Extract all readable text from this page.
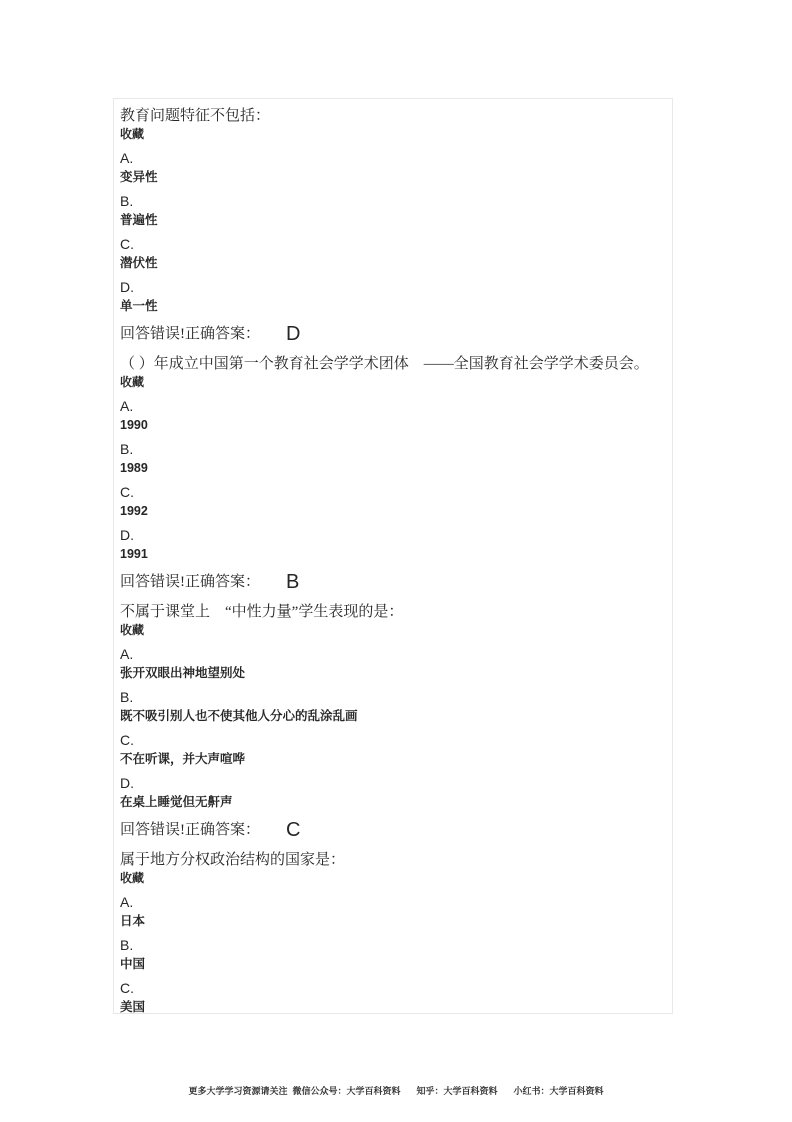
教育问题特征不包括：
收藏
A.
变异性
B.
普遍性
C.
潜伏性
D.
单一性
回答错误!正确答案： D
（ ）年成立中国第一个教育社会学学术团体　——全国教育社会学学术委员会。
收藏
A.
1990
B.
1989
C.
1992
D.
1991
回答错误!正确答案： B
不属于课堂上　“中性力量”学生表现的是：
收藏
A.
张开双眼出神地望别处
B.
既不吸引别人也不使其他人分心的乱涂乱画
C.
不在听课，并大声喧哗
D.
在桌上睡觉但无鼾声
回答错误!正确答案： C
属于地方分权政治结构的国家是：
收藏
A.
日本
B.
中国
C.
美国
更多大学学习资源请关注 微信公众号：大学百科资料 知乎：大学百科资料 小红书：大学百科资料
